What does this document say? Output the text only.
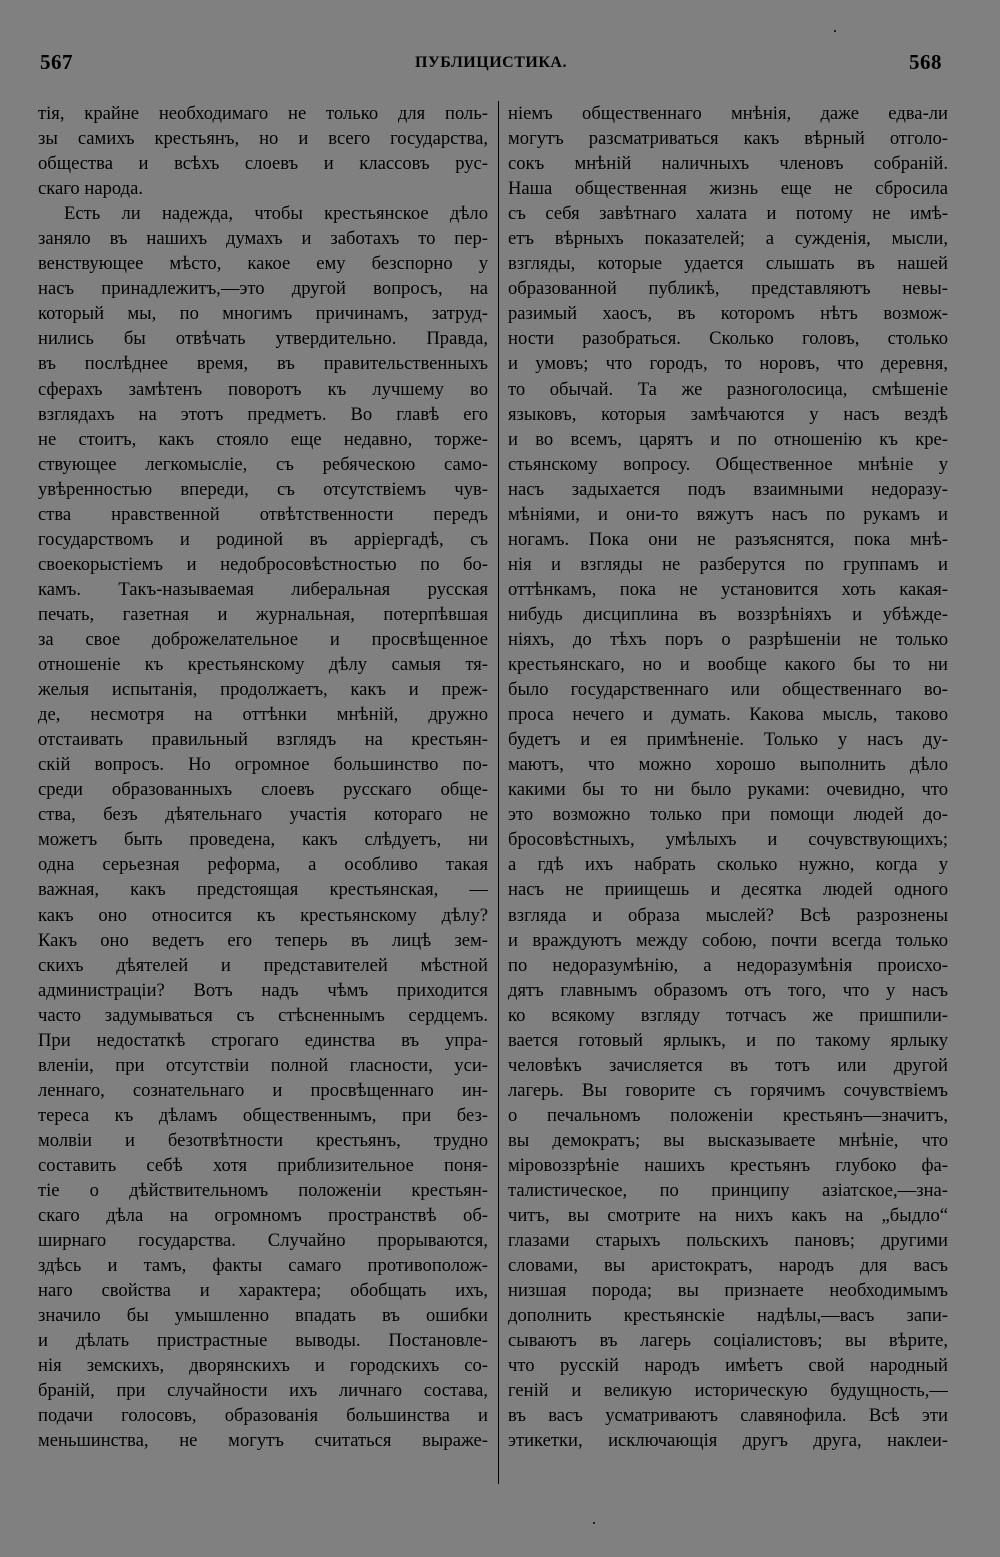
567	ПУБЛИЦИСТИКА.	568
тія, крайне необходимаго не только для поль-
зы самихъ крестьянъ, но и всего государства,
общества и всѣхъ слоевъ и классовъ рус-
скаго народа.
Есть ли надежда, чтобы крестьянское дѣло
заняло въ нашихъ думахъ и заботахъ то пер-
венствующее мѣсто, какое ему безспорно у
насъ принадлежитъ,—это другой вопросъ, на
который мы, по многимъ причинамъ, затруд-
нились бы отвѣчать утвердительно. Правда,
въ послѣднее время, въ правительственныхъ
сферахъ замѣтенъ поворотъ къ лучшему во
взглядахъ на этотъ предметъ. Во главѣ его
не стоитъ, какъ стояло еще недавно, торже-
ствующее легкомысліе, съ ребяческою само-
увѣренностью впереди, съ отсутствіемъ чув-
ства нравственной отвѣтственности передъ
государствомъ и родиной въ арріергадѣ, съ
своекорыстіемъ и недобросовѣстностью по бо-
камъ. Такъ-называемая либеральная русская
печать, газетная и журнальная, потерпѣвшая
за свое доброжелательное и просвѣщенное
отношеніе къ крестьянскому дѣлу самыя тя-
желыя испытанія, продолжаетъ, какъ и преж-
де, несмотря на оттѣнки мнѣній, дружно
отстаивать правильный взглядъ на крестьян-
скій вопросъ. Но огромное большинство по-
среди образованныхъ слоевъ русскаго обще-
ства, безъ дѣятельнаго участія котораго не
можетъ быть проведена, какъ слѣдуетъ, ни
одна серьезная реформа, а особливо такая
важная, какъ предстоящая крестьянская, —
какъ оно относится къ крестьянскому дѣлу?
Какъ оно ведетъ его теперь въ лицѣ зем-
скихъ дѣятелей и представителей мѣстной
администраціи? Вотъ надъ чѣмъ приходится
часто задумываться съ стѣсненнымъ сердцемъ.
При недостаткѣ строгаго единства въ упра-
вленіи, при отсутствіи полной гласности, уси-
леннаго, сознательнаго и просвѣщеннаго ин-
тереса къ дѣламъ общественнымъ, при без-
молвіи и безотвѣтности крестьянъ, трудно
составить себѣ хотя приблизительное поня-
тіе о дѣйствительномъ положеніи крестьян-
скаго дѣла на огромномъ пространствѣ об-
ширнаго государства. Случайно прорываются,
здѣсь и тамъ, факты самаго противополож-
наго свойства и характера; обобщать ихъ,
значило бы умышленно впадать въ ошибки
и дѣлать пристрастные выводы. Постановле-
нія земскихъ, дворянскихъ и городскихъ со-
браній, при случайности ихъ личнаго состава,
подачи голосовъ, образованія большинства и
меньшинства, не могутъ считаться выраже-
ніемъ общественнаго мнѣнія, даже едва-ли
могутъ разсматриваться какъ вѣрный отголо-
сокъ мнѣній наличныхъ членовъ собраній.
Наша общественная жизнь еще не сбросила
съ себя завѣтнаго халата и потому не имѣ-
етъ вѣрныхъ показателей; а сужденія, мысли,
взгляды, которые удается слышать въ нашей
образованной публикѣ, представляютъ невы-
разимый хаосъ, въ которомъ нѣтъ возмож-
ности разобраться. Сколько головъ, столько
и умовъ; что городъ, то норовъ, что деревня,
то обычай. Та же разноголосица, смѣшеніе
языковъ, которыя замѣчаются у насъ вездѣ
и во всемъ, царятъ и по отношенію къ кре-
стьянскому вопросу. Общественное мнѣніе у
насъ задыхается подъ взаимными недоразу-
мѣніями, и они-то вяжутъ насъ по рукамъ и
ногамъ. Пока они не разъяснятся, пока мнѣ-
нія и взгляды не разберутся по группамъ и
оттѣнкамъ, пока не установится хоть какая-
нибудь дисциплина въ воззрѣніяхъ и убѣжде-
ніяхъ, до тѣхъ поръ о разрѣшеніи не только
крестьянскаго, но и вообще какого бы то ни
было государственнаго или общественнаго во-
проса нечего и думать. Какова мысль, таково
будетъ и ея примѣненіе. Только у насъ ду-
маютъ, что можно хорошо выполнить дѣло
какими бы то ни было руками: очевидно, что
это возможно только при помощи людей до-
бросовѣстныхъ, умѣлыхъ и сочувствующихъ;
а гдѣ ихъ набрать сколько нужно, когда у
насъ не приищешь и десятка людей одного
взгляда и образа мыслей? Всѣ разрознены
и враждуютъ между собою, почти всегда только
по недоразумѣнію, а недоразумѣнія происхо-
дятъ главнымъ образомъ отъ того, что у насъ
ко всякому взгляду тотчасъ же пришпили-
вается готовый ярлыкъ, и по такому ярлыку
человѣкъ зачисляется въ тотъ или другой
лагерь. Вы говорите съ горячимъ сочувствіемъ
о печальномъ положеніи крестьянъ—значитъ,
вы демократъ; вы высказываете мнѣніе, что
міровоззрѣніе нашихъ крестьянъ глубоко фа-
талистическое, по принципу азіатское,—зна-
читъ, вы смотрите на нихъ какъ на „быдло“
глазами старыхъ польскихъ пановъ; другими
словами, вы аристократъ, народъ для васъ
низшая порода; вы признаете необходимымъ
дополнить крестьянскіе надѣлы,—васъ запи-
сываютъ въ лагерь соціалистовъ; вы вѣрите,
что русскій народъ имѣетъ свой народный
геній и великую историческую будущность,—
въ васъ усматриваютъ славянофила. Всѣ эти
этикетки, исключающія другъ друга, наклеи-
